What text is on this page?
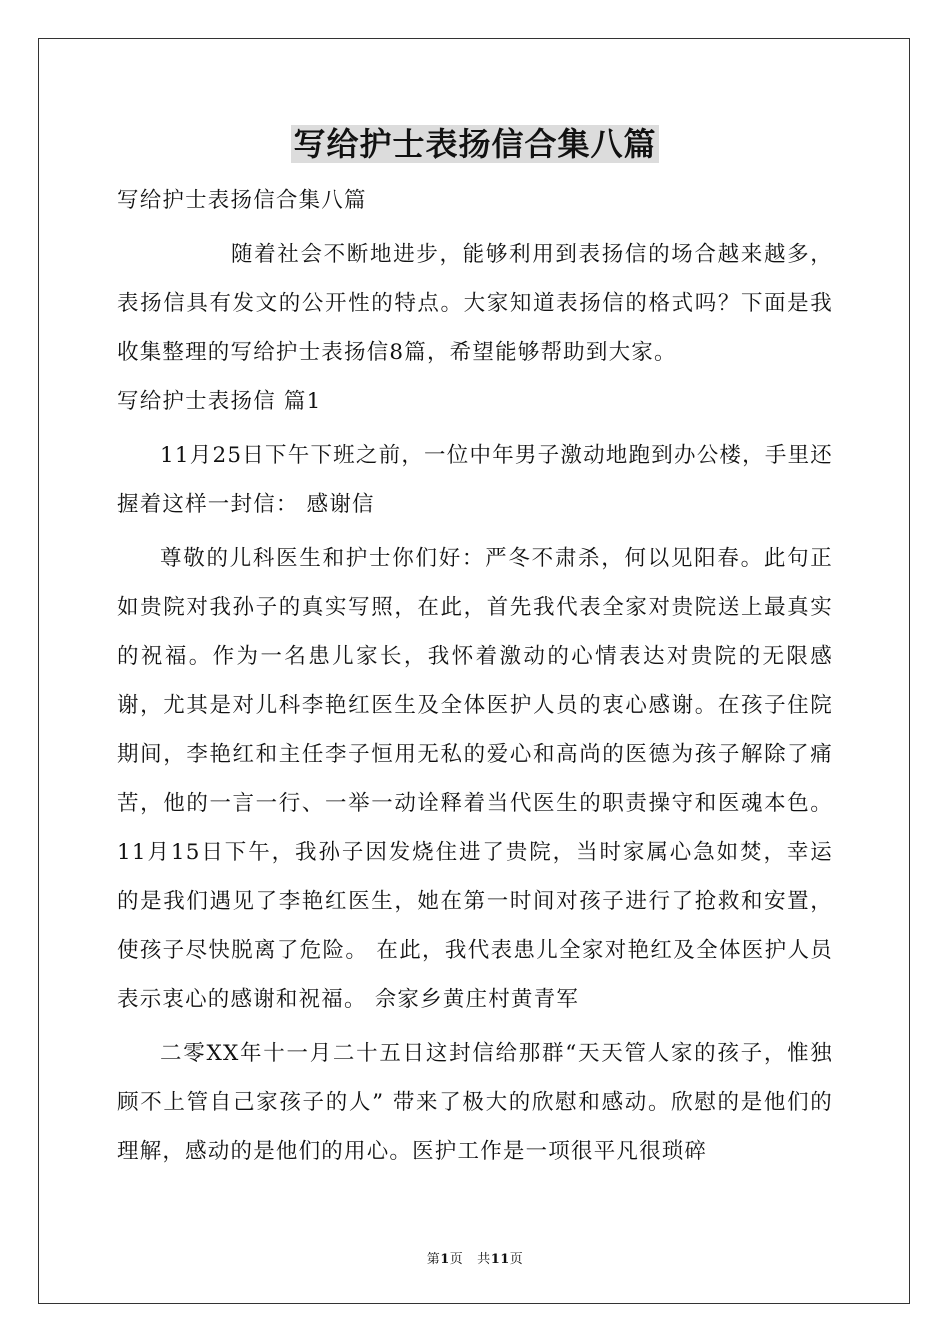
写给护士表扬信合集八篇

写给护士表扬信合集八篇

随着社会不断地进步，能够利用到表扬信的场合越来越多，表扬信具有发文的公开性的特点。大家知道表扬信的格式吗？下面是我收集整理的写给护士表扬信8篇，希望能够帮助到大家。

写给护士表扬信 篇1

11月25日下午下班之前，一位中年男子激动地跑到办公楼，手里还握着这样一封信： 感谢信

尊敬的儿科医生和护士你们好：严冬不肃杀，何以见阳春。此句正如贵院对我孙子的真实写照，在此，首先我代表全家对贵院送上最真实的祝福。作为一名患儿家长，我怀着激动的心情表达对贵院的无限感谢，尤其是对儿科李艳红医生及全体医护人员的衷心感谢。在孩子住院期间，李艳红和主任李子恒用无私的爱心和高尚的医德为孩子解除了痛苦，他的一言一行、一举一动诠释着当代医生的职责操守和医魂本色。11月15日下午，我孙子因发烧住进了贵院，当时家属心急如焚，幸运的是我们遇见了李艳红医生，她在第一时间对孩子进行了抢救和安置，使孩子尽快脱离了危险。 在此，我代表患儿全家对艳红及全体医护人员表示衷心的感谢和祝福。 佘家乡黄庄村黄青军

二零XX年十一月二十五日这封信给那群“天天管人家的孩子，惟独顾不上管自己家孩子的人” 带来了极大的欣慰和感动。欣慰的是他们的理解，感动的是他们的用心。医护工作是一项很平凡很琐碎

第1页 共11页
